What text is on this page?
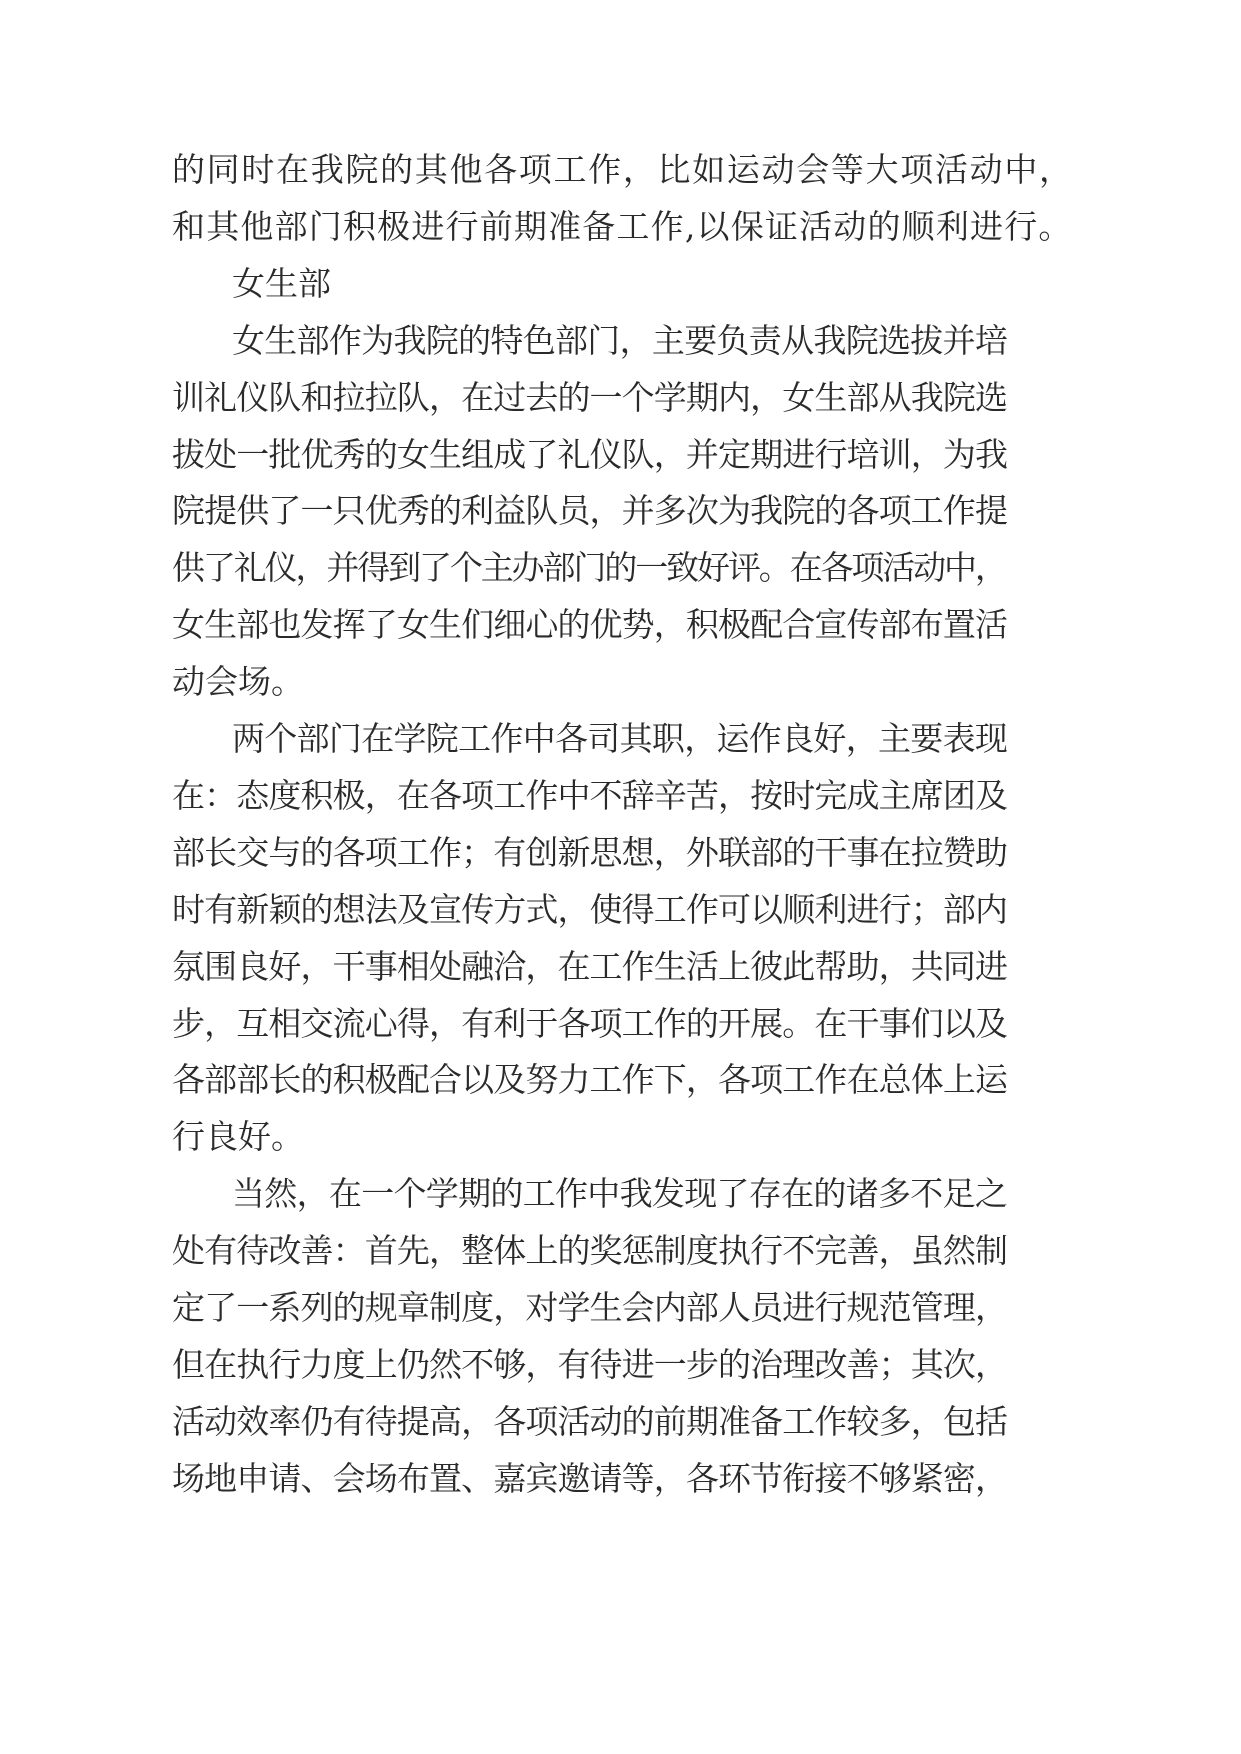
的同时在我院的其他各项工作，比如运动会等大项活动中，
和其他部门积极进行前期准备工作,以保证活动的顺利进行。
女生部
女生部作为我院的特色部门，主要负责从我院选拔并培
训礼仪队和拉拉队，在过去的一个学期内，女生部从我院选
拔处一批优秀的女生组成了礼仪队，并定期进行培训，为我
院提供了一只优秀的利益队员，并多次为我院的各项工作提
供了礼仪，并得到了个主办部门的一致好评。在各项活动中，
女生部也发挥了女生们细心的优势，积极配合宣传部布置活
动会场。
两个部门在学院工作中各司其职，运作良好，主要表现
在：态度积极，在各项工作中不辞辛苦，按时完成主席团及
部长交与的各项工作；有创新思想，外联部的干事在拉赞助
时有新颖的想法及宣传方式，使得工作可以顺利进行；部内
氛围良好，干事相处融洽，在工作生活上彼此帮助，共同进
步，互相交流心得，有利于各项工作的开展。在干事们以及
各部部长的积极配合以及努力工作下，各项工作在总体上运
行良好。
当然，在一个学期的工作中我发现了存在的诸多不足之
处有待改善：首先，整体上的奖惩制度执行不完善，虽然制
定了一系列的规章制度，对学生会内部人员进行规范管理，
但在执行力度上仍然不够，有待进一步的治理改善；其次，
活动效率仍有待提高，各项活动的前期准备工作较多，包括
场地申请、会场布置、嘉宾邀请等，各环节衔接不够紧密，
